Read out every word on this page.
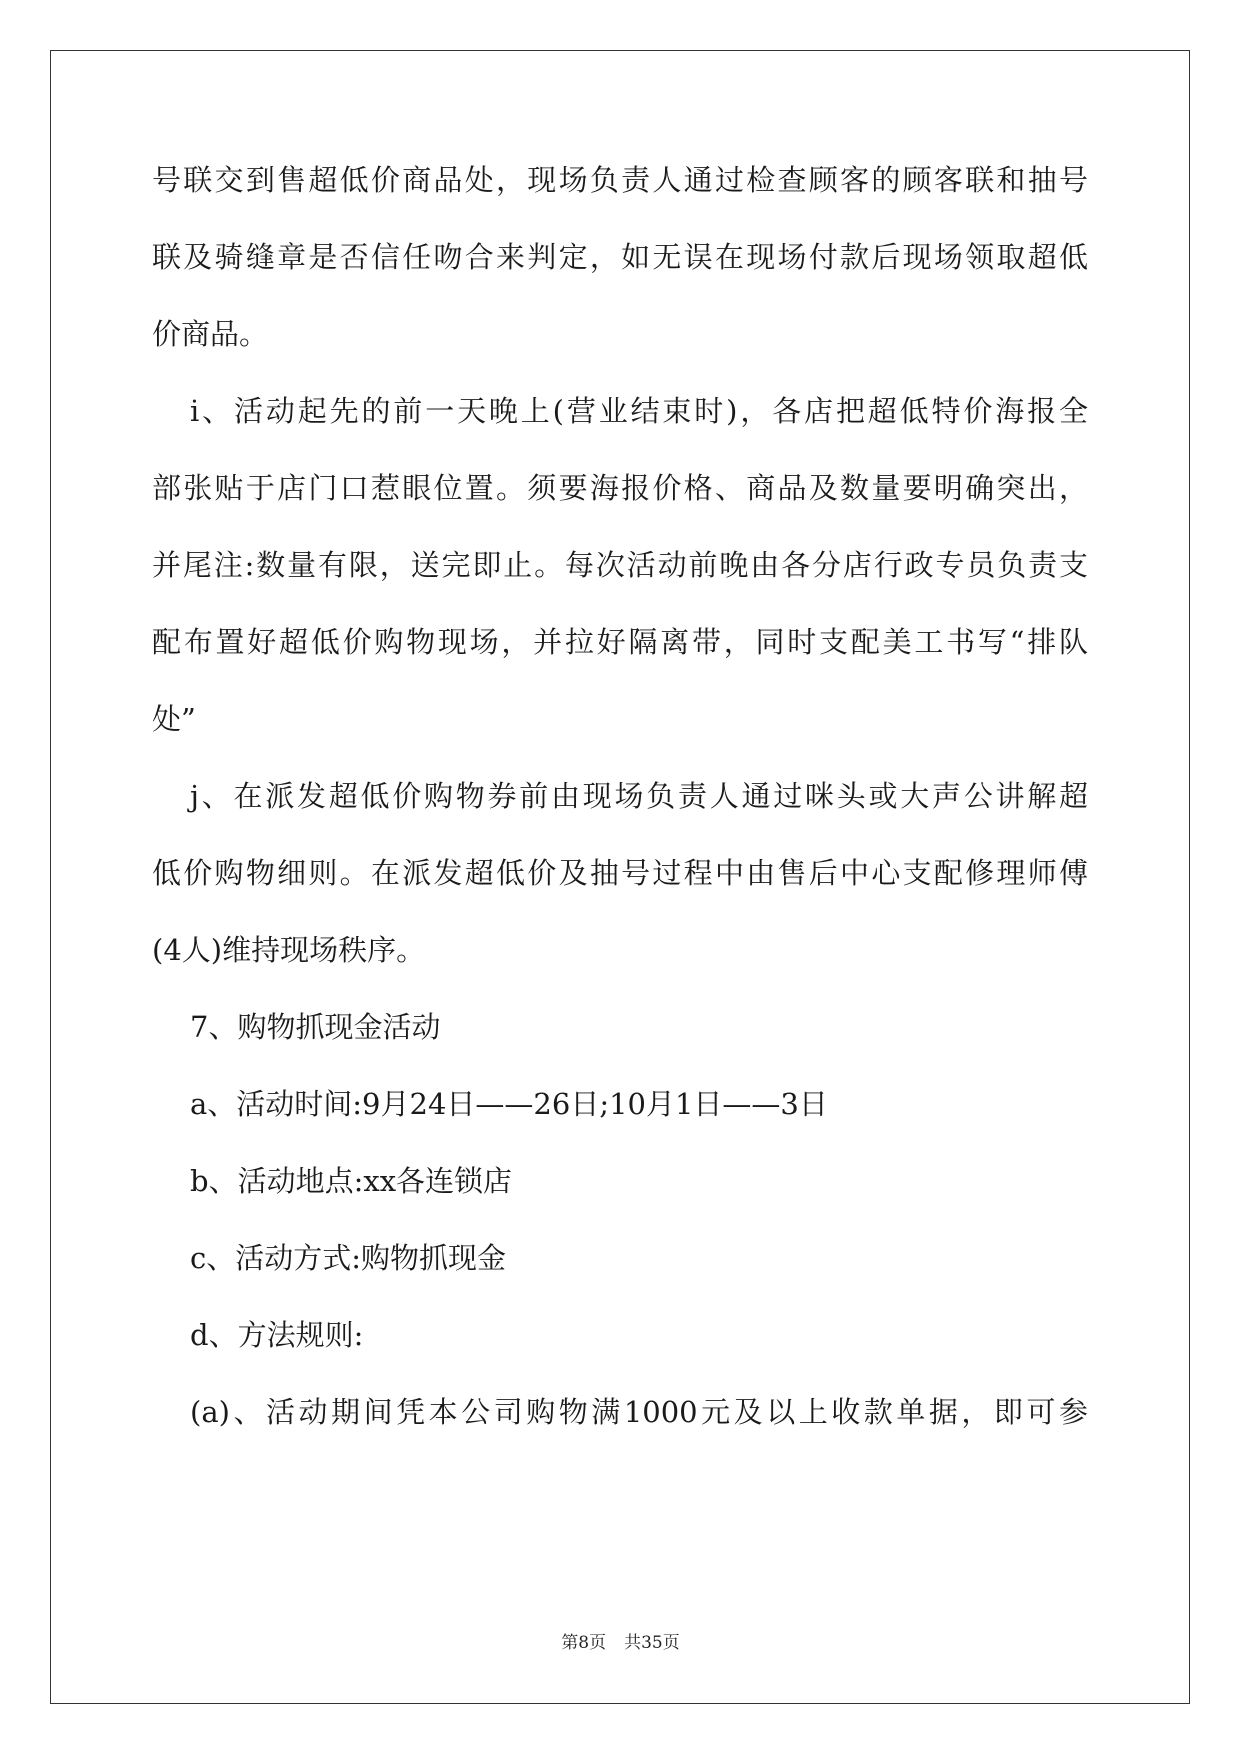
号联交到售超低价商品处，现场负责人通过检查顾客的顾客联和抽号
联及骑缝章是否信任吻合来判定，如无误在现场付款后现场领取超低
价商品。
i、活动起先的前一天晚上(营业结束时)，各店把超低特价海报全
部张贴于店门口惹眼位置。须要海报价格、商品及数量要明确突出，
并尾注:数量有限，送完即止。每次活动前晚由各分店行政专员负责支
配布置好超低价购物现场，并拉好隔离带，同时支配美工书写“排队
处”
j、在派发超低价购物券前由现场负责人通过咪头或大声公讲解超
低价购物细则。在派发超低价及抽号过程中由售后中心支配修理师傅
(4人)维持现场秩序。
7、购物抓现金活动
a、活动时间:9月24日——26日;10月1日——3日
b、活动地点:xx各连锁店
c、活动方式:购物抓现金
d、方法规则:
(a)、活动期间凭本公司购物满1000元及以上收款单据，即可参
第8页 共35页
